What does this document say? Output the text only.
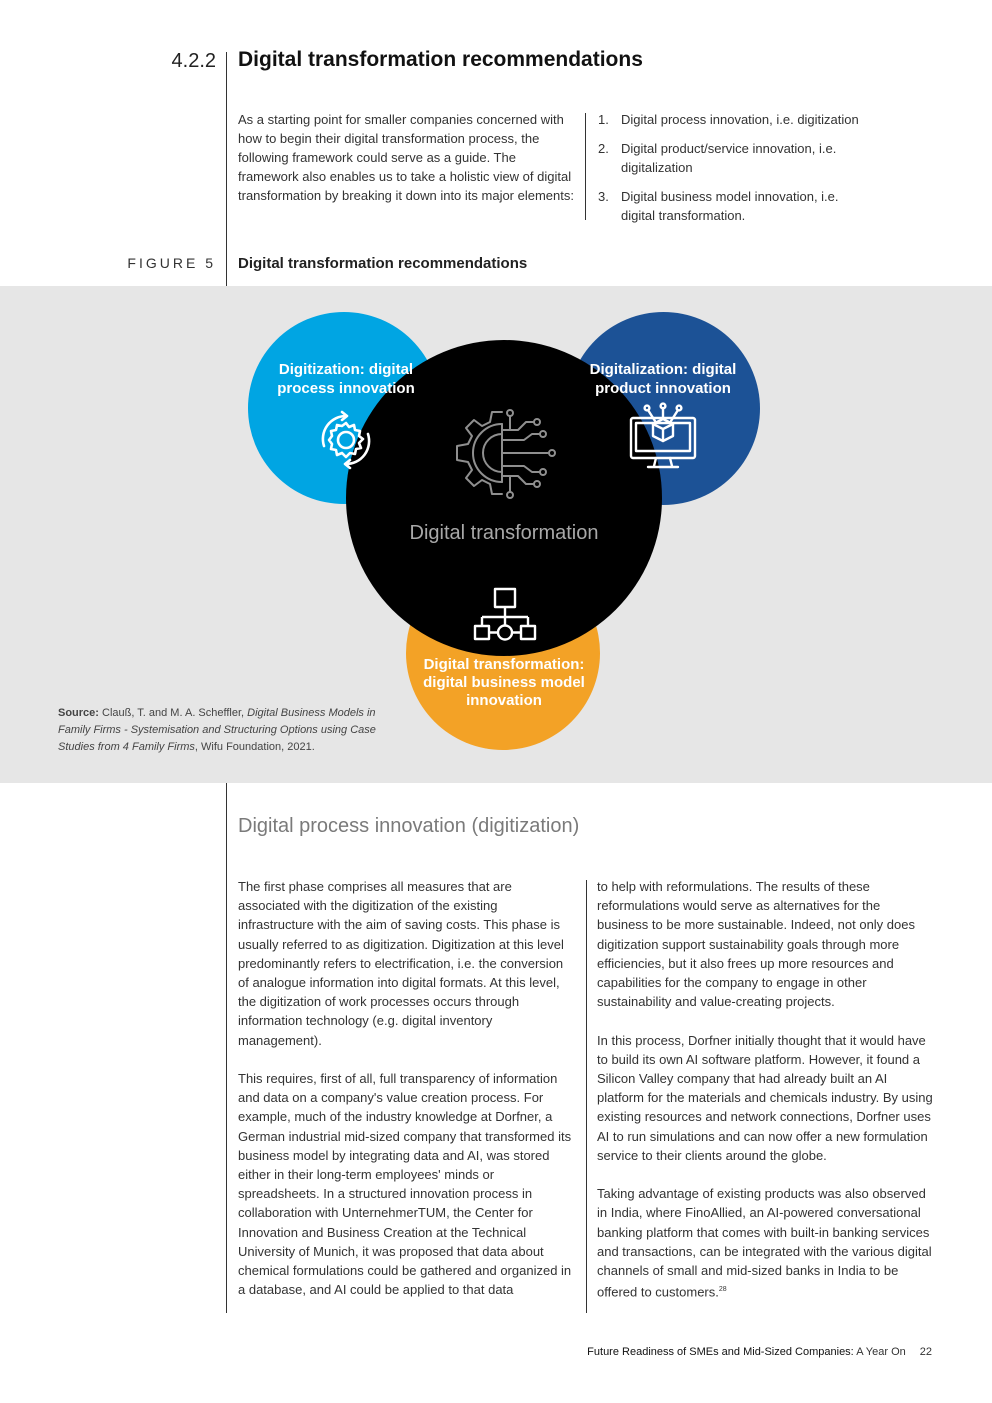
4.2.2 Digital transformation recommendations
As a starting point for smaller companies concerned with how to begin their digital transformation process, the following framework could serve as a guide. The framework also enables us to take a holistic view of digital transformation by breaking it down into its major elements:
1. Digital process innovation, i.e. digitization
2. Digital product/service innovation, i.e. digitalization
3. Digital business model innovation, i.e. digital transformation.
FIGURE 5 Digital transformation recommendations
Digitization: digital process innovation
Digitalization: digital product innovation
Digital transformation: digital business model innovation
Digital transformation
Source: Clauß, T. and M. A. Scheffler, Digital Business Models in Family Firms - Systemisation and Structuring Options using Case Studies from 4 Family Firms, Wifu Foundation, 2021.
Digital process innovation (digitization)

The first phase comprises all measures that are associated with the digitization of the existing infrastructure with the aim of saving costs. This phase is usually referred to as digitization. Digitization at this level predominantly refers to electrification, i.e. the conversion of analogue information into digital formats. At this level, the digitization of work processes occurs through information technology (e.g. digital inventory management).

This requires, first of all, full transparency of information and data on a company's value creation process. For example, much of the industry knowledge at Dorfner, a German industrial mid-sized company that transformed its business model by integrating data and AI, was stored either in their long-term employees' minds or spreadsheets. In a structured innovation process in collaboration with UnternehmerTUM, the Center for Innovation and Business Creation at the Technical University of Munich, it was proposed that data about chemical formulations could be gathered and organized in a database, and AI could be applied to that data

to help with reformulations. The results of these reformulations would serve as alternatives for the business to be more sustainable. Indeed, not only does digitization support sustainability goals through more efficiencies, but it also frees up more resources and capabilities for the company to engage in other sustainability and value-creating projects.

In this process, Dorfner initially thought that it would have to build its own AI software platform. However, it found a Silicon Valley company that had already built an AI platform for the materials and chemicals industry. By using existing resources and network connections, Dorfner uses AI to run simulations and can now offer a new formulation service to their clients around the globe.

Taking advantage of existing products was also observed in India, where FinoAllied, an AI-powered conversational banking platform that comes with built-in banking services and transactions, can be integrated with the various digital channels of small and mid-sized banks in India to be offered to customers.$^{28}$

Future Readiness of SMEs and Mid-Sized Companies: A Year On 22
